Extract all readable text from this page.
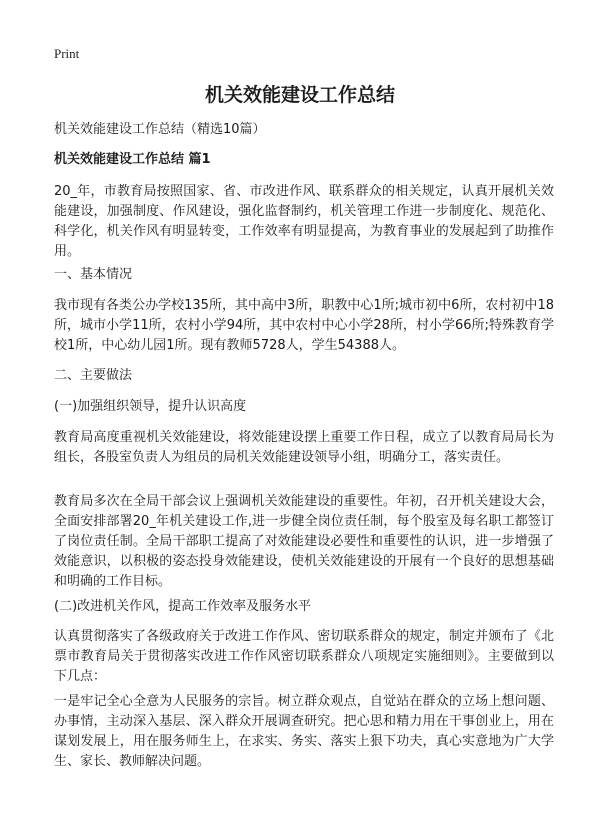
Print
机关效能建设工作总结

机关效能建设工作总结（精选10篇）

机关效能建设工作总结 篇1

20_年，市教育局按照国家、省、市改进作风、联系群众的相关规定，认真开展机关效能建设，加强制度、作风建设，强化监督制约，机关管理工作进一步制度化、规范化、科学化，机关作风有明显转变，工作效率有明显提高，为教育事业的发展起到了助推作用。

一、基本情况

我市现有各类公办学校135所，其中高中3所，职教中心1所;城市初中6所，农村初中18所，城市小学11所，农村小学94所，其中农村中心小学28所，村小学66所;特殊教育学校1所，中心幼儿园1所。现有教师5728人，学生54388人。

二、主要做法

(一)加强组织领导，提升认识高度

教育局高度重视机关效能建设，将效能建设摆上重要工作日程，成立了以教育局局长为组长，各股室负责人为组员的局机关效能建设领导小组，明确分工，落实责任。

教育局多次在全局干部会议上强调机关效能建设的重要性。年初，召开机关建设大会，全面安排部署20_年机关建设工作,进一步健全岗位责任制，每个股室及每名职工都签订了岗位责任制。全局干部职工提高了对效能建设必要性和重要性的认识，进一步增强了效能意识，以积极的姿态投身效能建设，使机关效能建设的开展有一个良好的思想基础和明确的工作目标。

(二)改进机关作风，提高工作效率及服务水平

认真贯彻落实了各级政府关于改进工作作风、密切联系群众的规定，制定并颁布了《北票市教育局关于贯彻落实改进工作作风密切联系群众八项规定实施细则》。主要做到以下几点：

一是牢记全心全意为人民服务的宗旨。树立群众观点，自觉站在群众的立场上想问题、办事情，主动深入基层、深入群众开展调查研究。把心思和精力用在干事创业上，用在谋划发展上，用在服务师生上，在求实、务实、落实上狠下功夫，真心实意地为广大学生、家长、教师解决问题。
